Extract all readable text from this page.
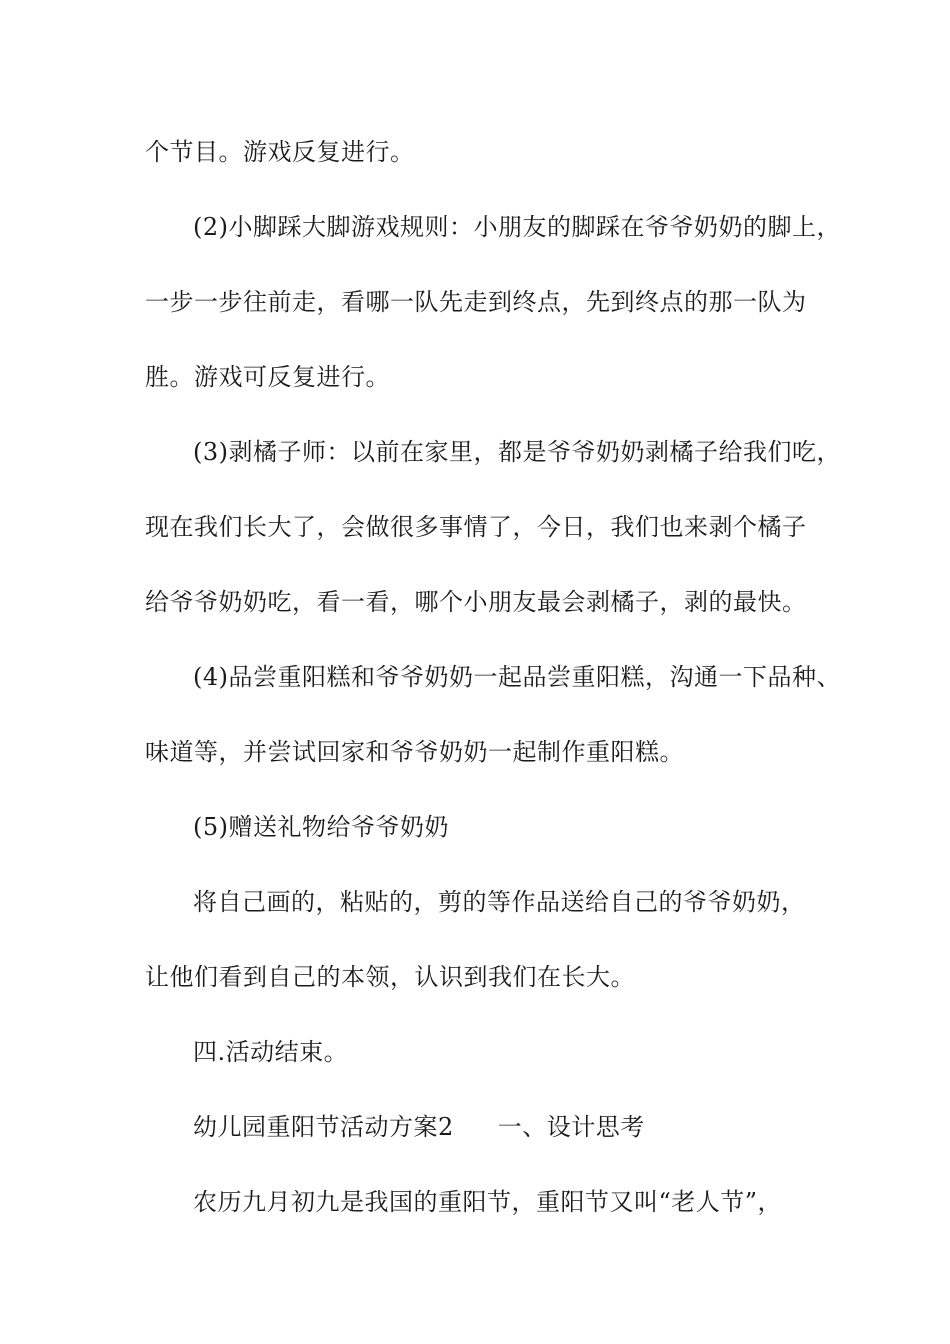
个节目。游戏反复进行。

(2)小脚踩大脚游戏规则：小朋友的脚踩在爷爷奶奶的脚上，

一步一步往前走，看哪一队先走到终点，先到终点的那一队为

胜。游戏可反复进行。

(3)剥橘子师：以前在家里，都是爷爷奶奶剥橘子给我们吃，

现在我们长大了，会做很多事情了，今日，我们也来剥个橘子

给爷爷奶奶吃，看一看，哪个小朋友最会剥橘子，剥的最快。

(4)品尝重阳糕和爷爷奶奶一起品尝重阳糕，沟通一下品种、

味道等，并尝试回家和爷爷奶奶一起制作重阳糕。

(5)赠送礼物给爷爷奶奶

将自己画的，粘贴的，剪的等作品送给自己的爷爷奶奶，

让他们看到自己的本领，认识到我们在长大。

四.活动结束。

幼儿园重阳节活动方案2 一、设计思考

农历九月初九是我国的重阳节，重阳节又叫“老人节”，
